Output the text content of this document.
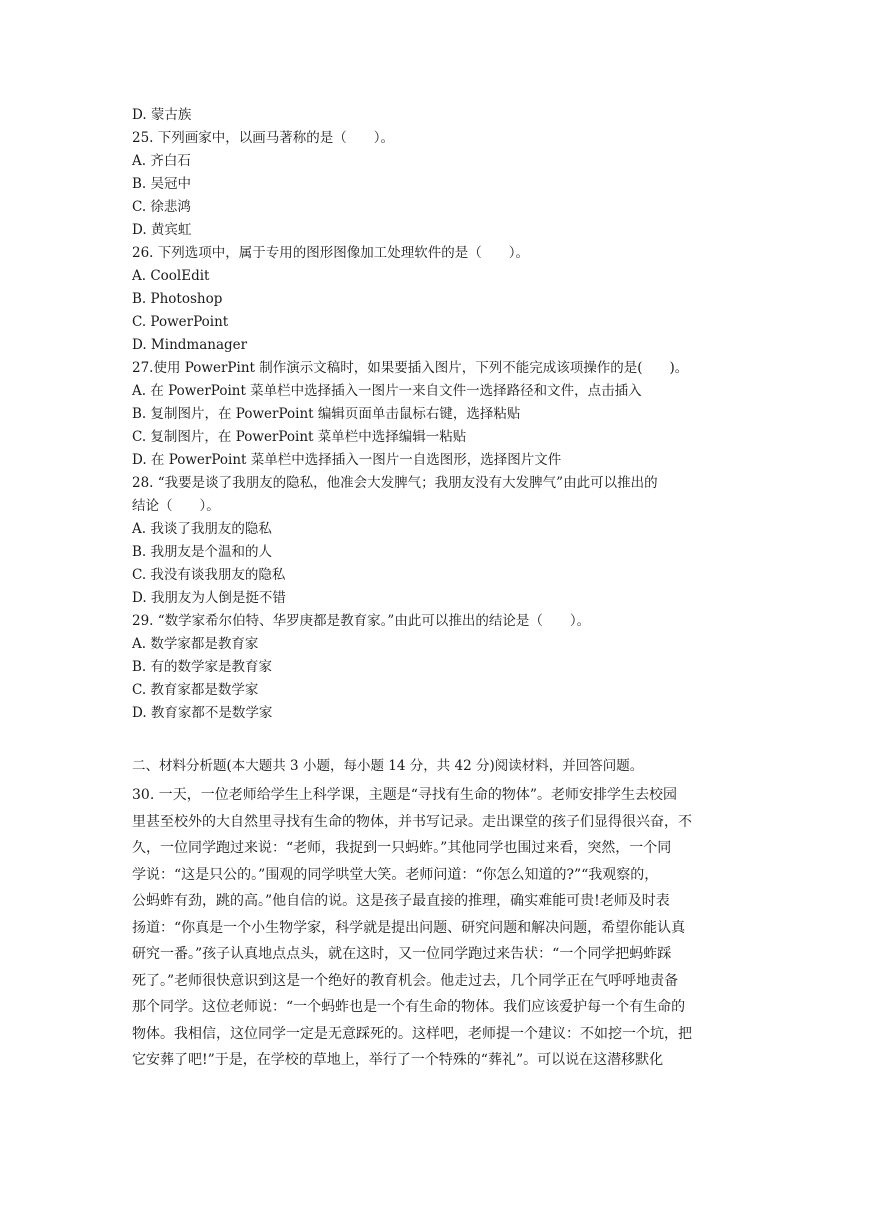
D. 蒙古族
25. 下列画家中，以画马著称的是（　　）。
A. 齐白石
B. 吴冠中
C. 徐悲鸿
D. 黄宾虹
26. 下列选项中，属于专用的图形图像加工处理软件的是（　　）。
A. CoolEdit
B. Photoshop
C. PowerPoint
D. Mindmanager
27.使用 PowerPint 制作演示文稿时，如果要插入图片，下列不能完成该项操作的是(　　)。
A. 在 PowerPoint 菜单栏中选择插入一图片一来自文件一选择路径和文件，点击插入
B. 复制图片，在 PowerPoint 编辑页面单击鼠标右键，选择粘贴
C. 复制图片，在 PowerPoint 菜单栏中选择编辑一粘贴
D. 在 PowerPoint 菜单栏中选择插入一图片一自选图形，选择图片文件
28. “我要是谈了我朋友的隐私，他准会大发脾气；我朋友没有大发脾气”由此可以推出的
结论（　　）。
A. 我谈了我朋友的隐私
B. 我朋友是个温和的人
C. 我没有谈我朋友的隐私
D. 我朋友为人倒是挺不错
29. “数学家希尔伯特、华罗庚都是教育家。”由此可以推出的结论是（　　）。
A. 数学家都是教育家
B. 有的数学家是教育家
C. 教育家都是数学家
D. 教育家都不是数学家
二、材料分析题(本大题共 3 小题，每小题 14 分，共 42 分)阅读材料，并回答问题。
30. 一天，一位老师给学生上科学课，主题是“寻找有生命的物体”。老师安排学生去校园
里甚至校外的大自然里寻找有生命的物体，并书写记录。走出课堂的孩子们显得很兴奋，不
久，一位同学跑过来说：“老师，我捉到一只蚂蚱。”其他同学也围过来看，突然，一个同
学说：“这是只公的。”围观的同学哄堂大笑。老师问道：“你怎么知道的?”“我观察的，
公蚂蚱有劲，跳的高。”他自信的说。这是孩子最直接的推理，确实难能可贵!老师及时表
扬道：“你真是一个小生物学家，科学就是提出问题、研究问题和解决问题，希望你能认真
研究一番。”孩子认真地点点头，就在这时，又一位同学跑过来告状：“一个同学把蚂蚱踩
死了。”老师很快意识到这是一个绝好的教育机会。他走过去，几个同学正在气呼呼地责备
那个同学。这位老师说：“一个蚂蚱也是一个有生命的物体。我们应该爱护每一个有生命的
物体。我相信，这位同学一定是无意踩死的。这样吧，老师提一个建议：不如挖一个坑，把
它安葬了吧!”于是，在学校的草地上，举行了一个特殊的“葬礼”。可以说在这潜移默化
